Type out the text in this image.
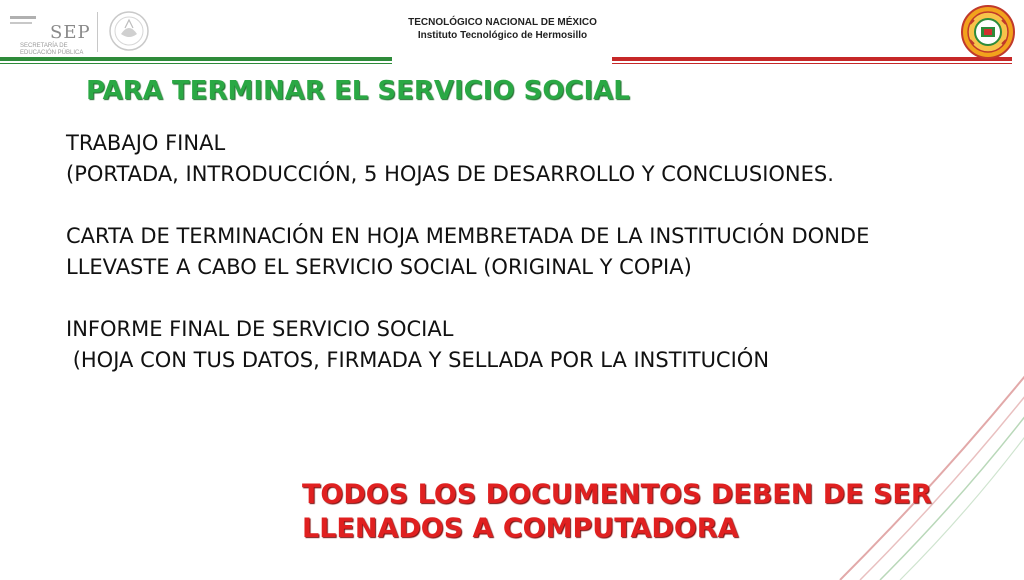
SEP
SECRETARÍA DE
EDUCACIÓN PÚBLICA
TECNOLÓGICO NACIONAL DE MÉXICO
Instituto Tecnológico de Hermosillo
PARA TERMINAR EL SERVICIO SOCIAL

TRABAJO FINAL

(PORTADA, INTRODUCCIÓN, 5 HOJAS DE DESARROLLO Y CONCLUSIONES.

CARTA DE TERMINACIÓN EN HOJA MEMBRETADA DE LA INSTITUCIÓN DONDE LLEVASTE A CABO EL SERVICIO SOCIAL (ORIGINAL Y COPIA)

INFORME FINAL DE SERVICIO SOCIAL

(HOJA CON TUS DATOS, FIRMADA Y SELLADA POR LA INSTITUCIÓN

TODOS LOS DOCUMENTOS DEBEN DE SER LLENADOS A COMPUTADORA
